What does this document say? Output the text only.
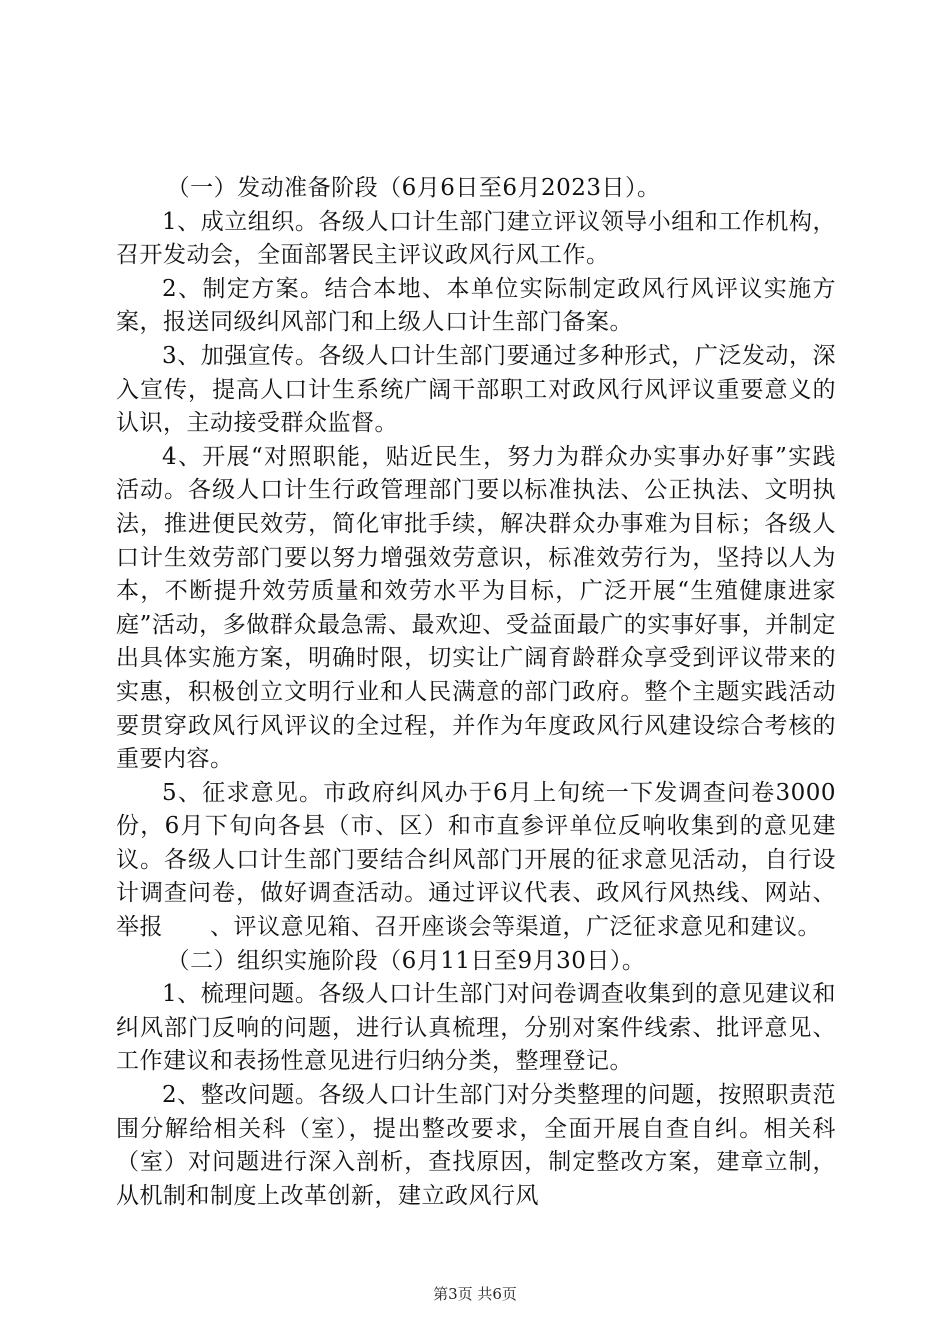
（一）发动准备阶段（6月6日至6月2023日）。

1、成立组织。各级人口计生部门建立评议领导小组和工作机构，召开发动会，全面部署民主评议政风行风工作。

2、制定方案。结合本地、本单位实际制定政风行风评议实施方案，报送同级纠风部门和上级人口计生部门备案。

3、加强宣传。各级人口计生部门要通过多种形式，广泛发动，深入宣传，提高人口计生系统广阔干部职工对政风行风评议重要意义的认识，主动接受群众监督。

4、开展“对照职能，贴近民生，努力为群众办实事办好事”实践活动。各级人口计生行政管理部门要以标准执法、公正执法、文明执法，推进便民效劳，简化审批手续，解决群众办事难为目标；各级人口计生效劳部门要以努力增强效劳意识，标准效劳行为，坚持以人为本，不断提升效劳质量和效劳水平为目标，广泛开展“生殖健康进家庭”活动，多做群众最急需、最欢迎、受益面最广的实事好事，并制定出具体实施方案，明确时限，切实让广阔育龄群众享受到评议带来的实惠，积极创立文明行业和人民满意的部门政府。整个主题实践活动要贯穿政风行风评议的全过程，并作为年度政风行风建设综合考核的重要内容。

5、征求意见。市政府纠风办于6月上旬统一下发调查问卷3000份，6月下旬向各县（市、区）和市直参评单位反响收集到的意见建议。各级人口计生部门要结合纠风部门开展的征求意见活动，自行设计调查问卷，做好调查活动。通过评议代表、政风行风热线、网站、举报　　、评议意见箱、召开座谈会等渠道，广泛征求意见和建议。

（二）组织实施阶段（6月11日至9月30日）。

1、梳理问题。各级人口计生部门对问卷调查收集到的意见建议和纠风部门反响的问题，进行认真梳理，分别对案件线索、批评意见、工作建议和表扬性意见进行归纳分类，整理登记。

2、整改问题。各级人口计生部门对分类整理的问题，按照职责范围分解给相关科（室），提出整改要求，全面开展自查自纠。相关科（室）对问题进行深入剖析，查找原因，制定整改方案，建章立制，从机制和制度上改革创新，建立政风行风

第3页 共6页
